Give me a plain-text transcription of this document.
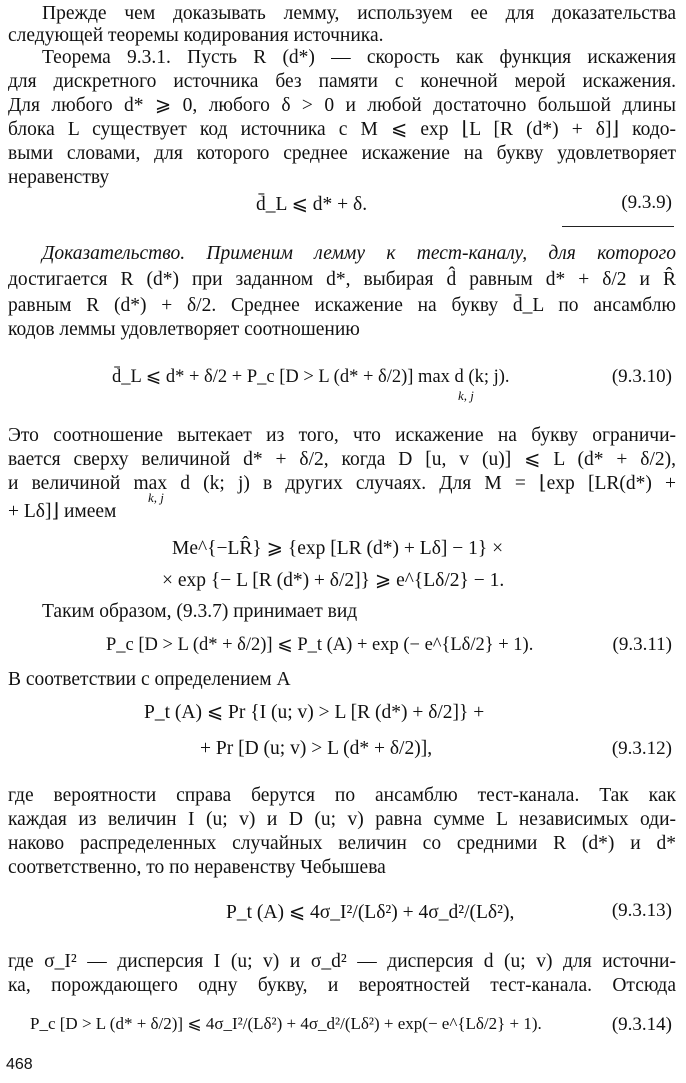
Прежде чем доказывать лемму, используем ее для доказательства
следующей теоремы кодирования источника.
Теорема 9.3.1. Пусть R (d*) — скорость как функция искажения
для дискретного источника без памяти с конечной мерой искажения.
Для любого d* ⩾ 0, любого δ > 0 и любой достаточно большой длины
блока L существует код источника с M ⩽ exp ⌊L [R (d*) + δ]⌋ кодо-
выми словами, для которого среднее искажение на букву удовлетворяет
неравенству
d̄_L ⩽ d* + δ.	(9.3.9)
Доказательство. Применим лемму к тест-каналу, для которого
достигается R (d*) при заданном d*, выбирая d̂ равным d* + δ/2 и R̂
равным R (d*) + δ/2. Среднее искажение на букву d̄̄_L по ансамблю
кодов леммы удовлетворяет соотношению
d̄̄_L ⩽ d* + δ/2 + P_c [D > L (d* + δ/2)] max d (k; j).
k, j
(9.3.10)
Это соотношение вытекает из того, что искажение на букву ограничи-
вается сверху величиной d* + δ/2, когда D [u, v (u)] ⩽ L (d* + δ/2),
и величиной max d (k; j) в других случаях. Для M = ⌊exp [LR(d*) +
k, j
+ Lδ]⌋ имеем
Me^{−LR̂} ⩾ {exp [LR (d*) + Lδ] − 1} ×
× exp {− L [R (d*) + δ/2]} ⩾ e^{Lδ/2} − 1.
Таким образом, (9.3.7) принимает вид
P_c [D > L (d* + δ/2)] ⩽ P_t (A) + exp (− e^{Lδ/2} + 1).	(9.3.11)
В соответствии с определением A
P_t (A) ⩽ Pr {I (u; v) > L [R (d*) + δ/2]} +
+ Pr [D (u; v) > L (d* + δ/2)],	(9.3.12)
где вероятности справа берутся по ансамблю тест-канала. Так как
каждая из величин I (u; v) и D (u; v) равна сумме L независимых оди-
наково распределенных случайных величин со средними R (d*) и d*
соответственно, то по неравенству Чебышева
P_t (A) ⩽ 4σ_I²/(Lδ²) + 4σ_d²/(Lδ²),	(9.3.13)
где σ_I² — дисперсия I (u; v) и σ_d² — дисперсия d (u; v) для источни-
ка, порождающего одну букву, и вероятностей тест-канала. Отсюда
P_c [D > L (d* + δ/2)] ⩽ 4σ_I²/(Lδ²) + 4σ_d²/(Lδ²) + exp(− e^{Lδ/2} + 1).	(9.3.14)
468
